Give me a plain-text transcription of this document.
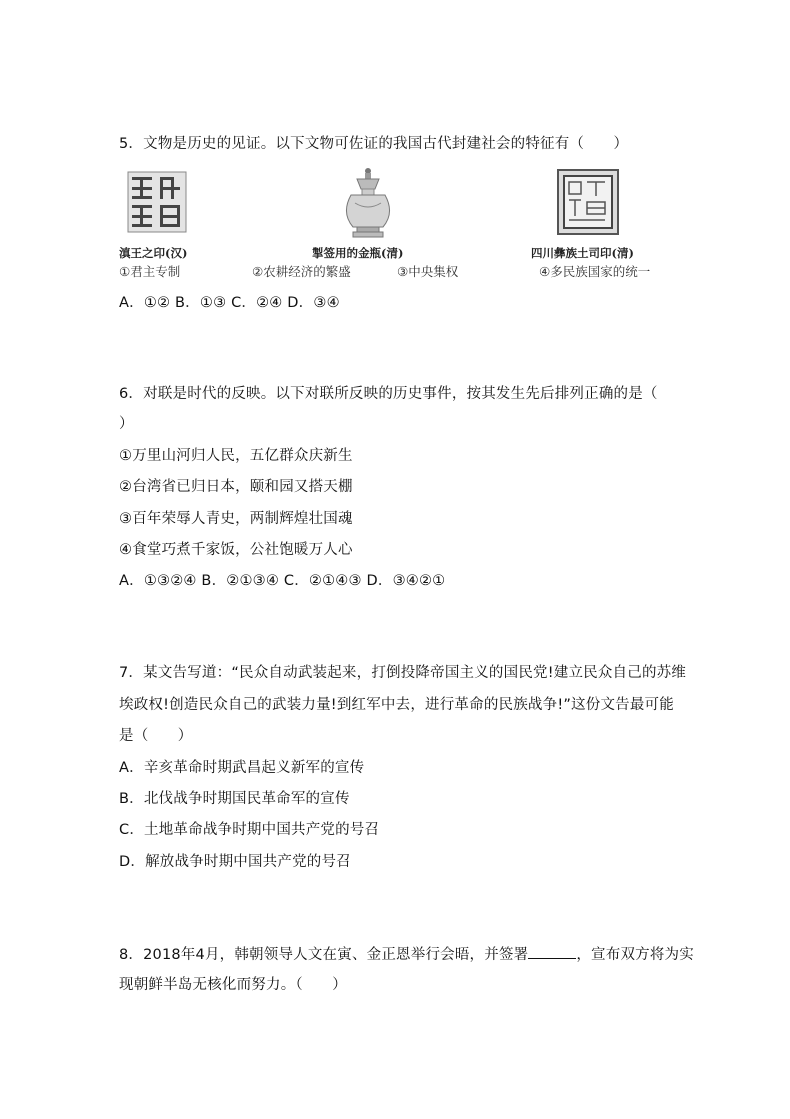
5．文物是历史的见证。以下文物可佐证的我国古代封建社会的特征有（　　）
滇王之印(汉)	掣签用的金瓶(清)	四川彝族土司印(清)
①君主专制	②农耕经济的繁盛	③中央集权	④多民族国家的统一
A．①② B．①③ C．②④ D．③④
6．对联是时代的反映。以下对联所反映的历史事件，按其发生先后排列正确的是（
）
①万里山河归人民，五亿群众庆新生
②台湾省已归日本，颐和园又搭天棚
③百年荣辱人青史，两制辉煌壮国魂
④食堂巧煮千家饭，公社饱暖万人心
A．①③②④ B．②①③④ C．②①④③ D．③④②①
7．某文告写道：“民众自动武装起来，打倒投降帝国主义的国民党!建立民众自己的苏维
埃政权!创造民众自己的武装力量!到红军中去，进行革命的民族战争!”这份文告最可能
是（　　）
A．辛亥革命时期武昌起义新军的宣传
B．北伐战争时期国民革命军的宣传
C．土地革命战争时期中国共产党的号召
D．解放战争时期中国共产党的号召
8．2018年4月，韩朝领导人文在寅、金正恩举行会晤，并签署	，宣布双方将为实
现朝鲜半岛无核化而努力。（　　）
